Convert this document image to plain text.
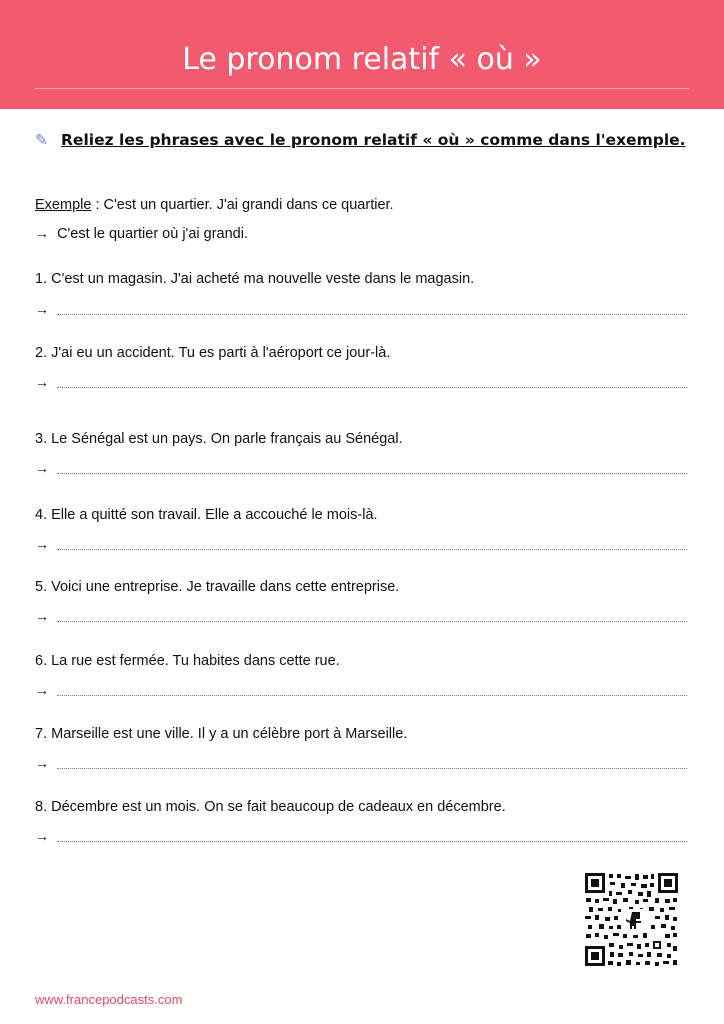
Le pronom relatif « où »
✎ Reliez les phrases avec le pronom relatif « où » comme dans l'exemple.
Exemple : C'est un quartier. J'ai grandi dans ce quartier.
→ C'est le quartier où j'ai grandi.
1. C'est un magasin. J'ai acheté ma nouvelle veste dans le magasin.
→
2. J'ai eu un accident. Tu es parti à l'aéroport ce jour-là.
→
3. Le Sénégal est un pays. On parle français au Sénégal.
→
4. Elle a quitté son travail. Elle a accouché le mois-là.
→
5. Voici une entreprise. Je travaille dans cette entreprise.
→
6. La rue est fermée. Tu habites dans cette rue.
→
7. Marseille est une ville. Il y a un célèbre port à Marseille.
→
8. Décembre est un mois. On se fait beaucoup de cadeaux en décembre.
→
www.francepodcasts.com
